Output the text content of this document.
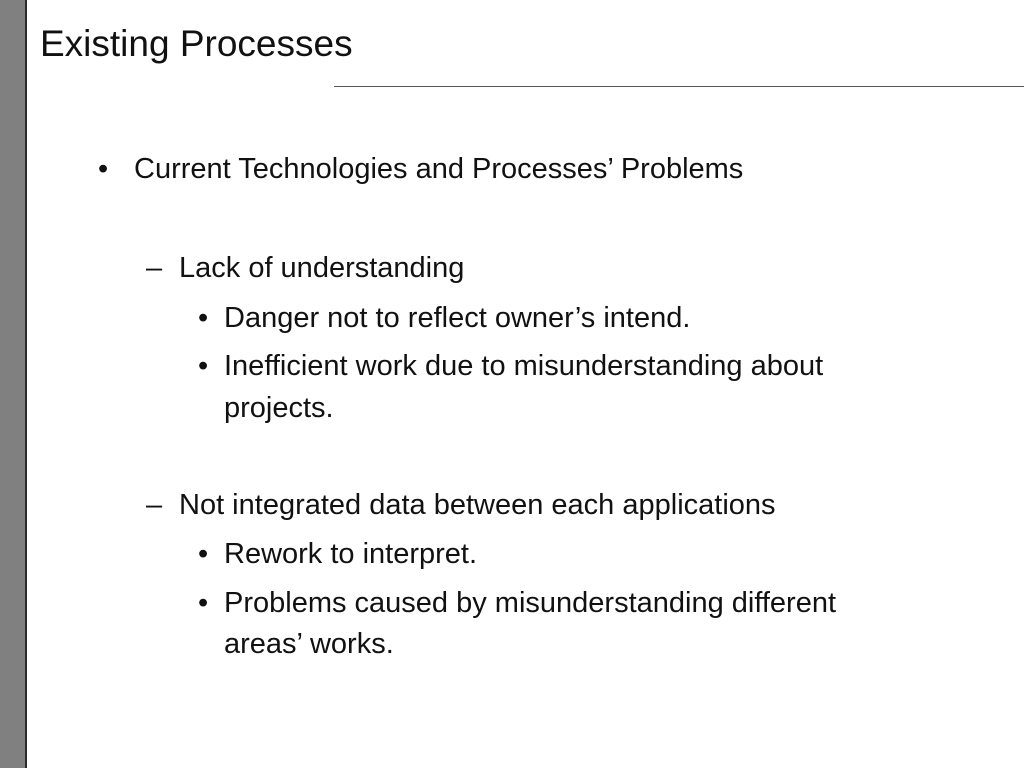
Existing Processes
• Current Technologies and Processes’ Problems
– Lack of understanding
• Danger not to reflect owner’s intend.
• Inefficient work due to misunderstanding about
projects.
– Not integrated data between each applications
• Rework to interpret.
• Problems caused by misunderstanding different
areas’ works.
